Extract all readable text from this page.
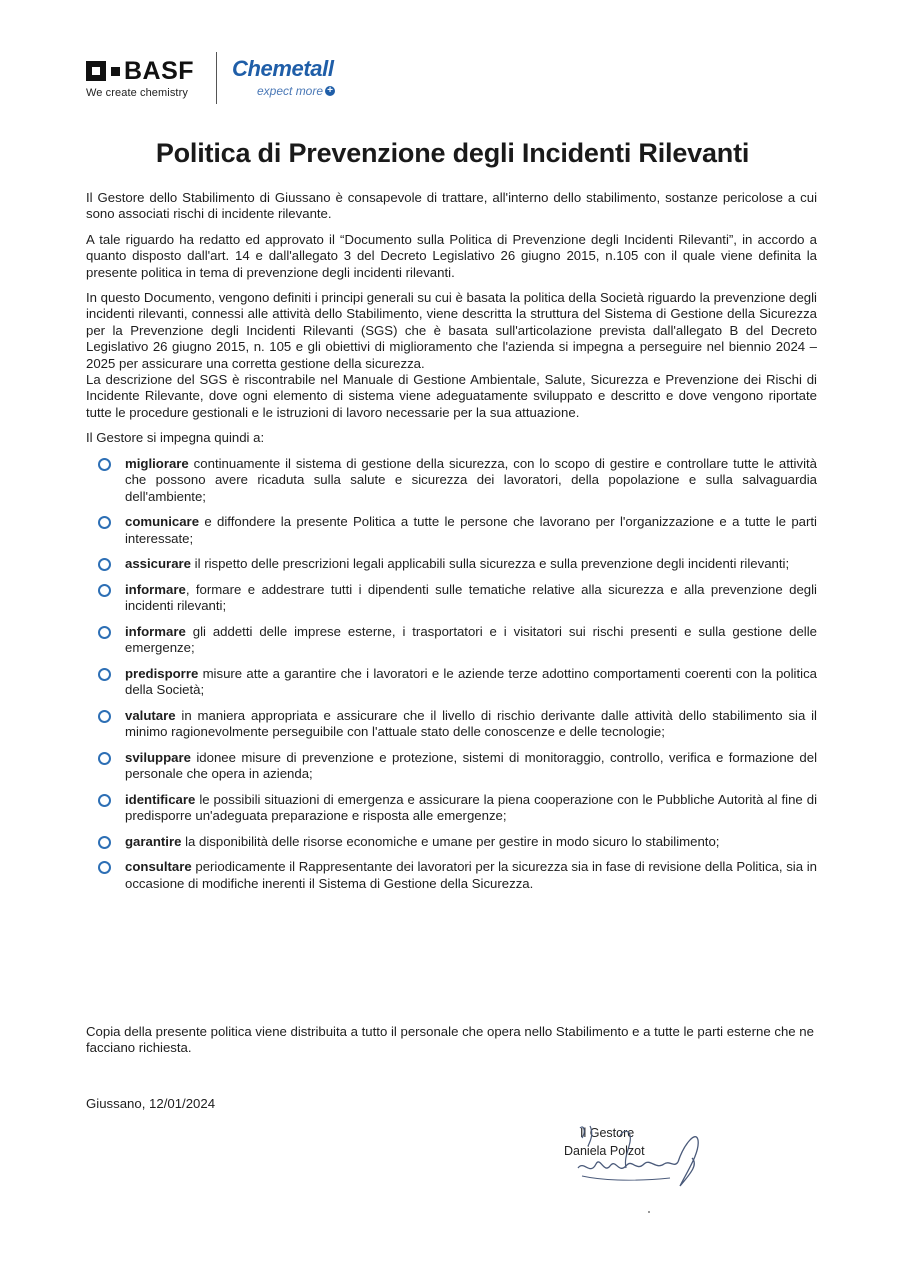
BASF
We create chemistry
Chemetall
expect more +
Politica di Prevenzione degli Incidenti Rilevanti

Il Gestore dello Stabilimento di Giussano è consapevole di trattare, all'interno dello stabilimento, sostanze pericolose a cui sono associati rischi di incidente rilevante.

A tale riguardo ha redatto ed approvato il “Documento sulla Politica di Prevenzione degli Incidenti Rilevanti”, in accordo a quanto disposto dall'art. 14 e dall'allegato 3 del Decreto Legislativo 26 giugno 2015, n.105 con il quale viene definita la presente politica in tema di prevenzione degli incidenti rilevanti.

In questo Documento, vengono definiti i principi generali su cui è basata la politica della Società riguardo la prevenzione degli incidenti rilevanti, connessi alle attività dello Stabilimento, viene descritta la struttura del Sistema di Gestione della Sicurezza per la Prevenzione degli Incidenti Rilevanti (SGS) che è basata sull'articolazione prevista dall'allegato B del Decreto Legislativo 26 giugno 2015, n. 105 e gli obiettivi di miglioramento che l'azienda si impegna a perseguire nel biennio 2024 – 2025 per assicurare una corretta gestione della sicurezza.

La descrizione del SGS è riscontrabile nel Manuale di Gestione Ambientale, Salute, Sicurezza e Prevenzione dei Rischi di Incidente Rilevante, dove ogni elemento di sistema viene adeguatamente sviluppato e descritto e dove vengono riportate tutte le procedure gestionali e le istruzioni di lavoro necessarie per la sua attuazione.

Il Gestore si impegna quindi a:

migliorare continuamente il sistema di gestione della sicurezza, con lo scopo di gestire e controllare tutte le attività che possono avere ricaduta sulla salute e sicurezza dei lavoratori, della popolazione e sulla salvaguardia dell'ambiente;
comunicare e diffondere la presente Politica a tutte le persone che lavorano per l'organizzazione e a tutte le parti interessate;
assicurare il rispetto delle prescrizioni legali applicabili sulla sicurezza e sulla prevenzione degli incidenti rilevanti;
informare, formare e addestrare tutti i dipendenti sulle tematiche relative alla sicurezza e alla prevenzione degli incidenti rilevanti;
informare gli addetti delle imprese esterne, i trasportatori e i visitatori sui rischi presenti e sulla gestione delle emergenze;
predisporre misure atte a garantire che i lavoratori e le aziende terze adottino comportamenti coerenti con la politica della Società;
valutare in maniera appropriata e assicurare che il livello di rischio derivante dalle attività dello stabilimento sia il minimo ragionevolmente perseguibile con l'attuale stato delle conoscenze e delle tecnologie;
sviluppare idonee misure di prevenzione e protezione, sistemi di monitoraggio, controllo, verifica e formazione del personale che opera in azienda;
identificare le possibili situazioni di emergenza e assicurare la piena cooperazione con le Pubbliche Autorità al fine di predisporre un'adeguata preparazione e risposta alle emergenze;
garantire la disponibilità delle risorse economiche e umane per gestire in modo sicuro lo stabilimento;
consultare periodicamente il Rappresentante dei lavoratori per la sicurezza sia in fase di revisione della Politica, sia in occasione di modifiche inerenti il Sistema di Gestione della Sicurezza.

Copia della presente politica viene distribuita a tutto il personale che opera nello Stabilimento e a tutte le parti esterne che ne facciano richiesta.

Giussano, 12/01/2024

Il Gestore
Daniela Polzot
